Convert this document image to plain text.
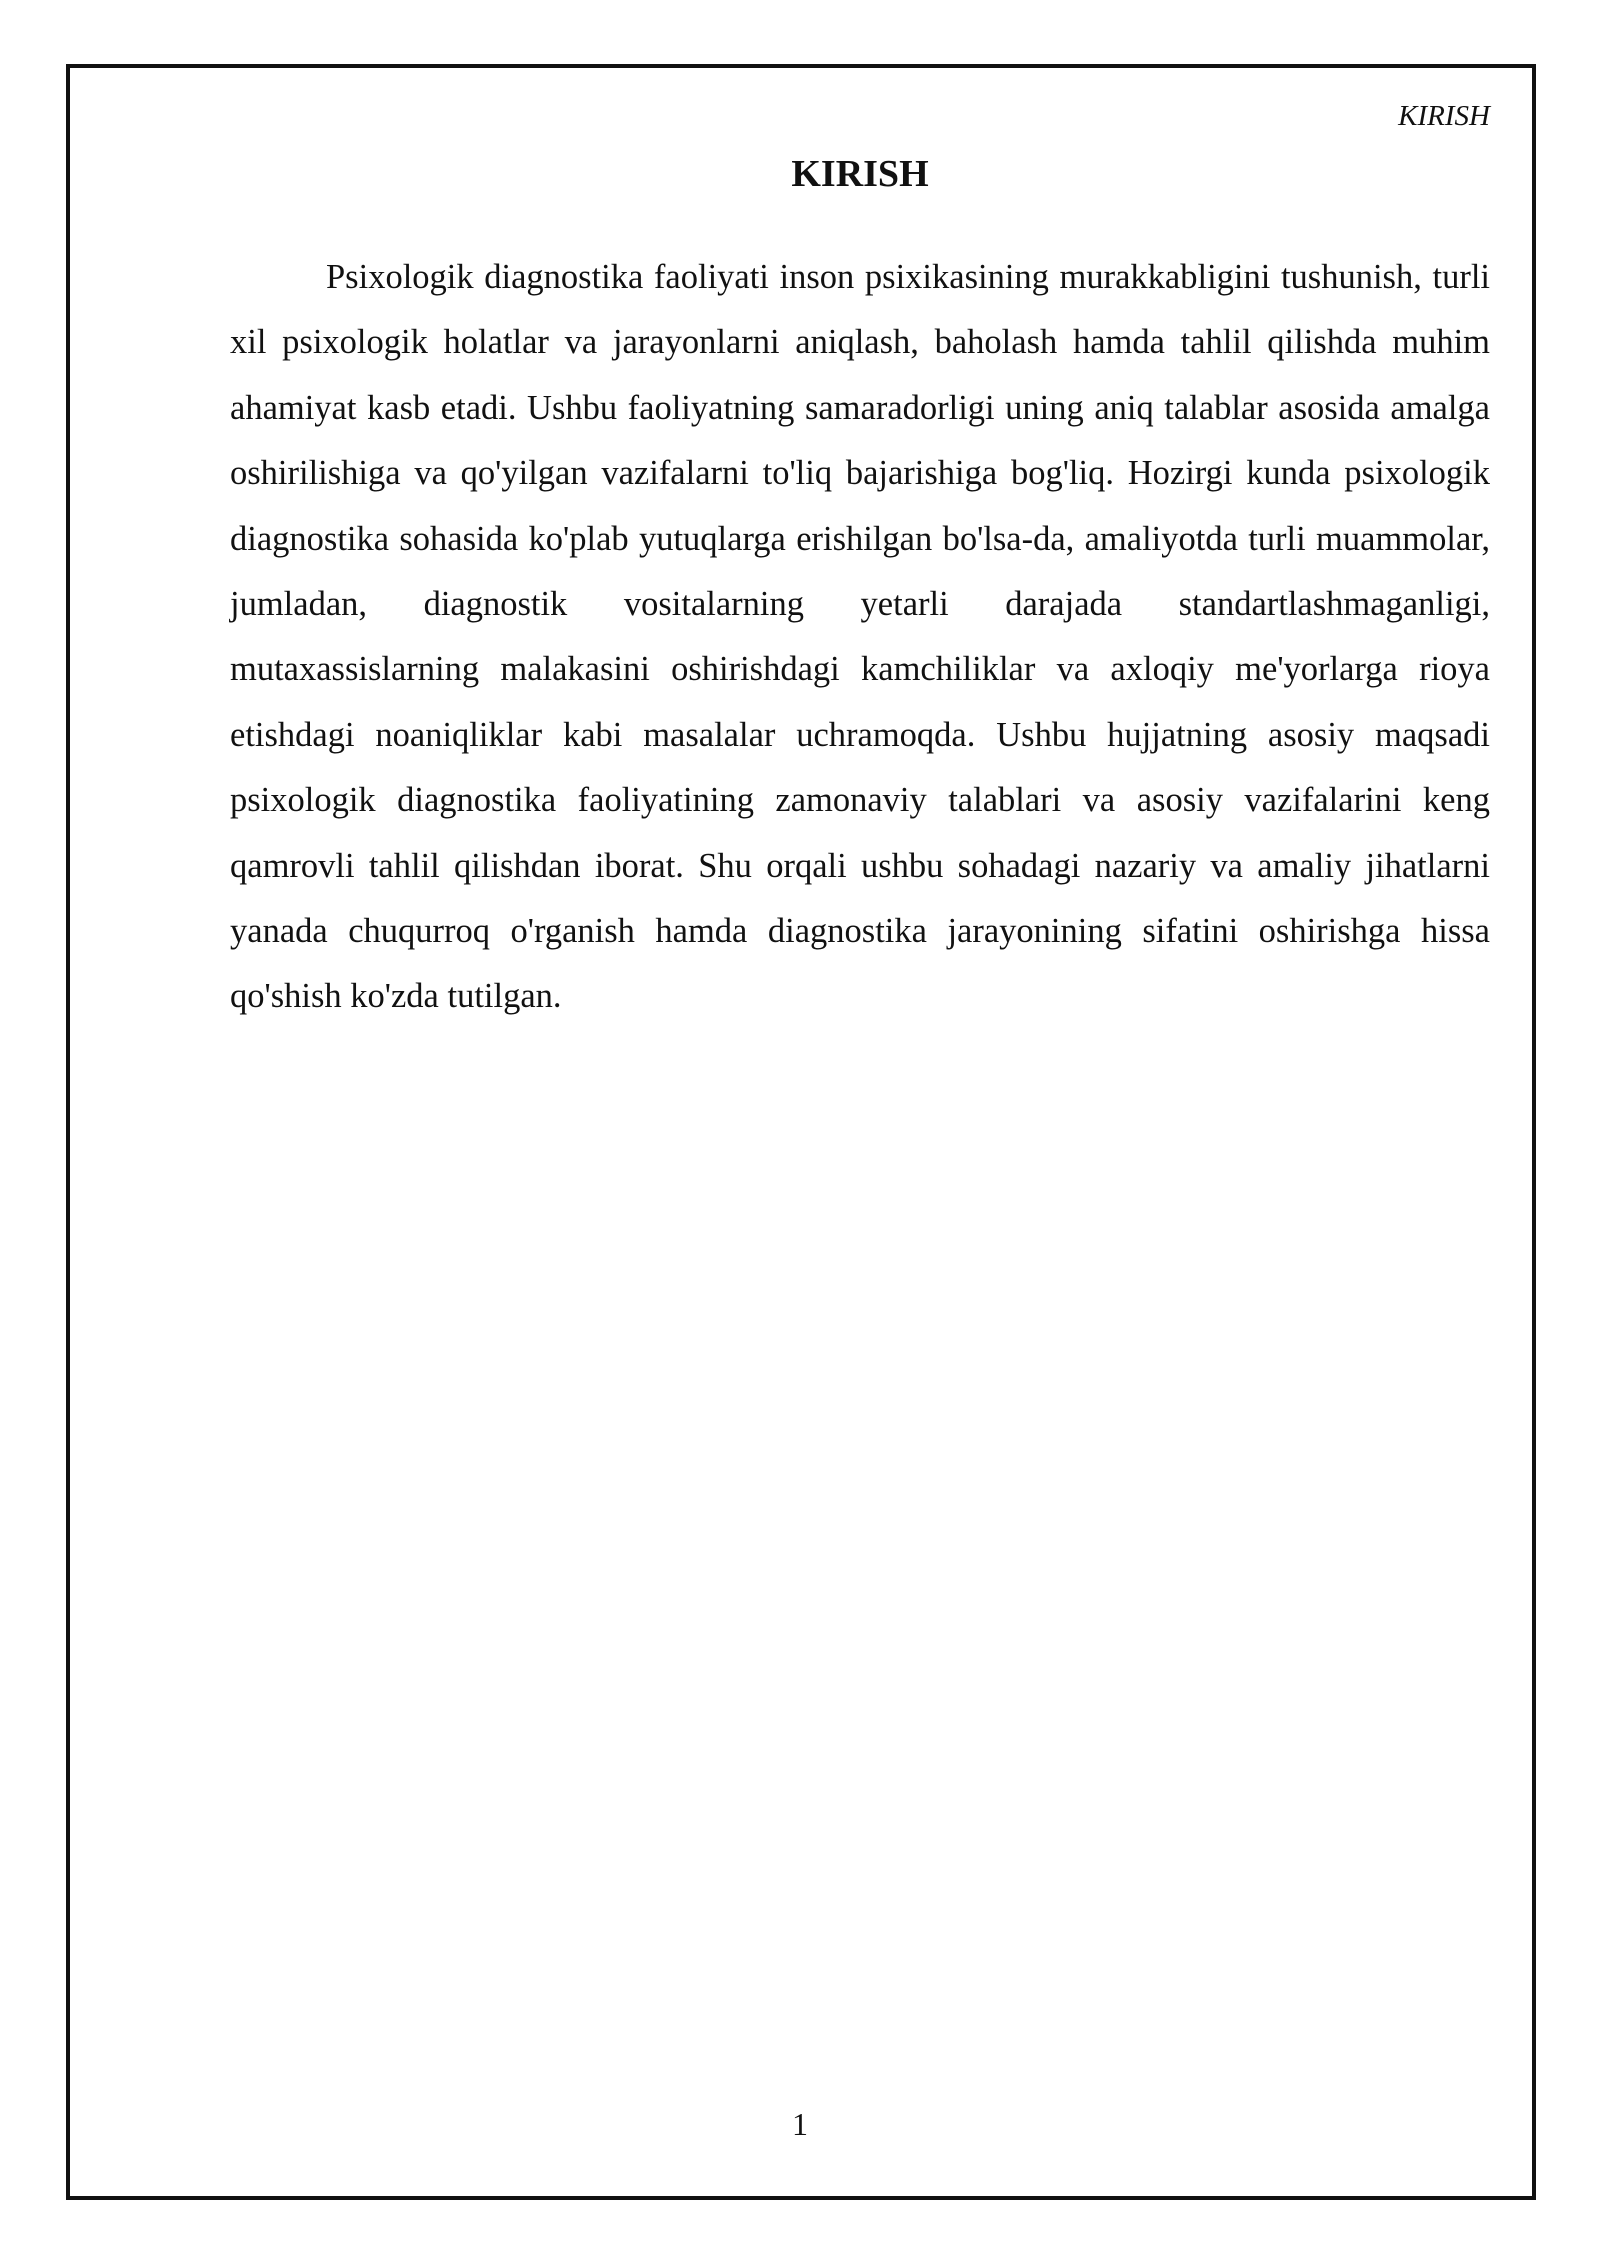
KIRISH
KIRISH

Psixologik diagnostika faoliyati inson psixikasining murakkabligini tushunish, turli xil psixologik holatlar va jarayonlarni aniqlash, baholash hamda tahlil qilishda muhim ahamiyat kasb etadi. Ushbu faoliyatning samaradorligi uning aniq talablar asosida amalga oshirilishiga va qo'yilgan vazifalarni to'liq bajarishiga bog'liq. Hozirgi kunda psixologik diagnostika sohasida ko'plab yutuqlarga erishilgan bo'lsa-da, amaliyotda turli muammolar, jumladan, diagnostik vositalarning yetarli darajada standartlashmaganligi, mutaxassislarning malakasini oshirishdagi kamchiliklar va axloqiy me'yorlarga rioya etishdagi noaniqliklar kabi masalalar uchramoqda. Ushbu hujjatning asosiy maqsadi psixologik diagnostika faoliyatining zamonaviy talablari va asosiy vazifalarini keng qamrovli tahlil qilishdan iborat. Shu orqali ushbu sohadagi nazariy va amaliy jihatlarni yanada chuqurroq o'rganish hamda diagnostika jarayonining sifatini oshirishga hissa qo'shish ko'zda tutilgan.

1
